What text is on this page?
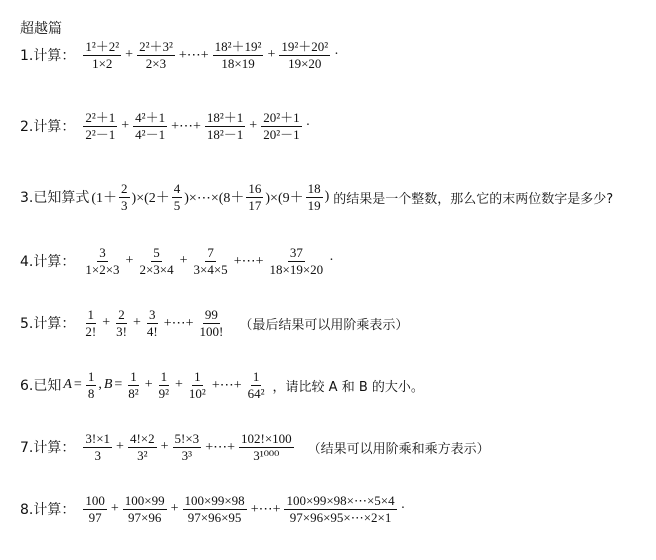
超越篇
1.计算： $\frac{\text{1²＋2²}}{1\times 2} + \frac{\text{2²＋3²}}{2\times 3}$ +⋯+ $\frac{\text{18²＋19²}}{18\times 19} + \frac{\text{19²＋20²}}{19\times 20}$ ·
2.计算： $\frac{\text{2²＋1}}{\text{2²－1}} + \frac{\text{4²＋1}}{\text{4²－1}}$ +⋯+ $\frac{\text{18²＋1}}{\text{18²－1}} + \frac{\text{20²＋1}}{\text{20²－1}}$ ·
3.已知算式 $(1+ \frac{2}{3} )\times(2+ \frac{4}{5}$ )×⋯×(8＋ $\frac{16}{17} )\times(9+ \frac{18}{19}$ ) 的结果是一个整数，那么它的末两位数字是多少?
4.计算： $\frac{3}{1\times 2\times 3} + \frac{5}{2\times 3\times 4} + \frac{7}{3\times 4\times 5}$ +⋯+ $\frac{37}{18\times 19\times 20}$ ·
5.计算： $\frac{1}{2!} + \frac{2}{3!} + \frac{3}{4!}$ +⋯+ $\frac{99}{100!}$ （最后结果可以用阶乘表示）
6.已知 $A = \frac{1}{8}$ , $B = \frac{1}{\text{8²}} + \frac{1}{\text{9²}} + \frac{1}{\text{10²}}$ +⋯+ $\frac{1}{\text{64²}}$ ，请比较 A 和 B 的大小。
7.计算： $\frac{3!\times 1}{3} + \frac{4!\times 2}{\text{3²}} + \frac{5!\times 3}{\text{3³}}$ +⋯+ $\frac{102!\times 100}{\text{3¹⁰⁰⁰}}$ （结果可以用阶乘和乘方表示）
8.计算： $\frac{100}{97} + \frac{100\times 99}{97\times 96} + \frac{100\times 99\times 98}{97\times 96\times 95}$ +⋯+ $\frac{100\times 99\times 98\times\cdots\times 5\times 4}{97\times 96\times 95\times\cdots\times 2\times 1}$ ·
